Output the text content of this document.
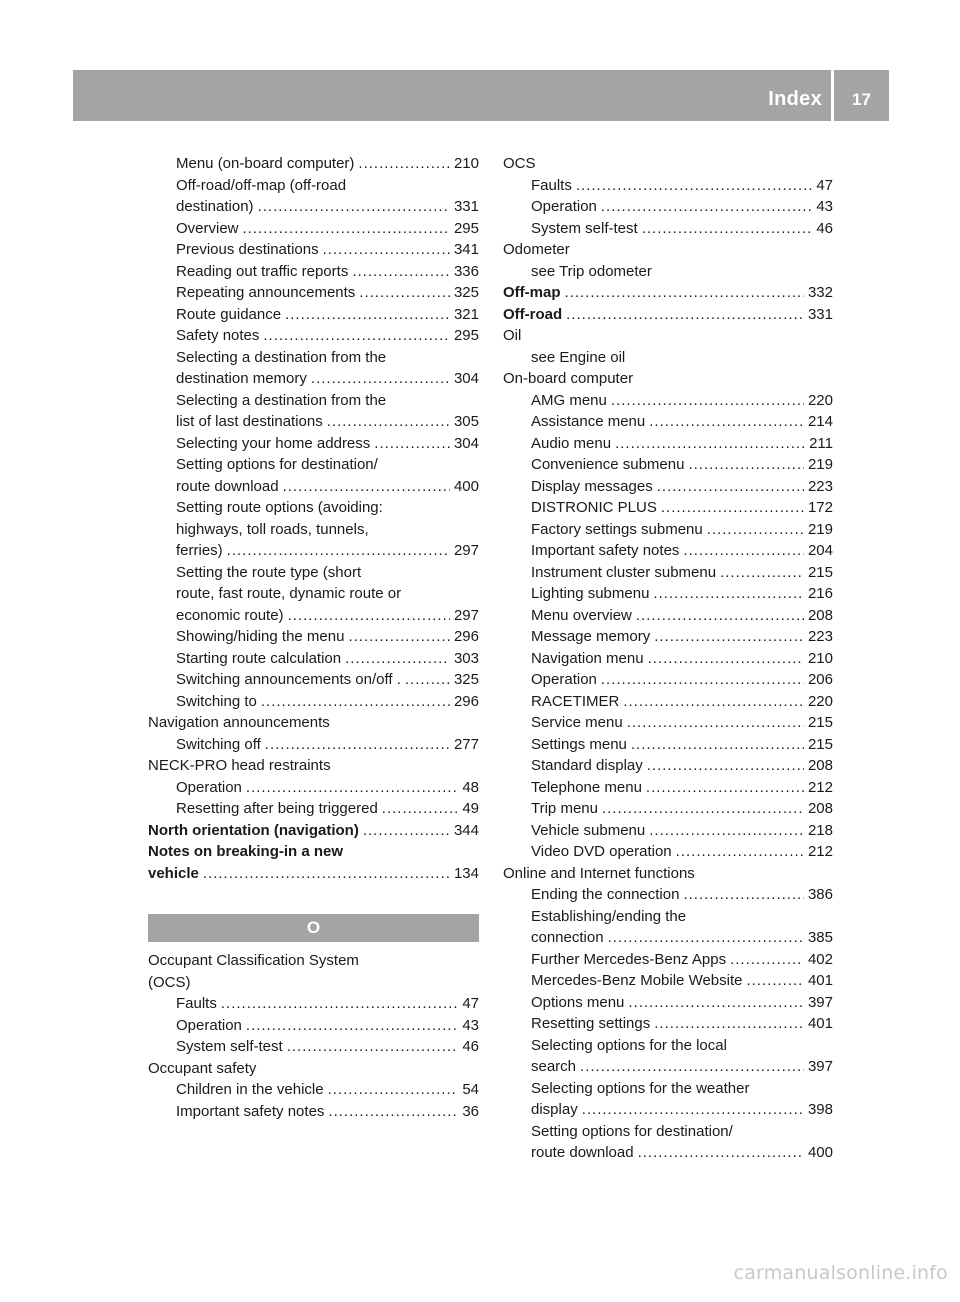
Index	17
Menu (on-board computer) .....	210
Off-road/off-map (off-road
destination) .....	331
Overview .....	295
Previous destinations .....	341
Reading out traffic reports .....	336
Repeating announcements .....	325
Route guidance .....	321
Safety notes .....	295
Selecting a destination from the
destination memory .....	304
Selecting a destination from the
list of last destinations .....	305
Selecting your home address .....	304
Setting options for destination/
route download .....	400
Setting route options (avoiding:
highways, toll roads, tunnels,
ferries) .....	297
Setting the route type (short
route, fast route, dynamic route or
economic route) .....	297
Showing/hiding the menu .....	296
Starting route calculation .....	303
Switching announcements on/off . .....	325
Switching to .....	296
Navigation announcements
Switching off .....	277
NECK-PRO head restraints
Operation .....	48
Resetting after being triggered .....	49
North orientation (navigation) .....	344
Notes on breaking-in a new
vehicle .....	134
O
Occupant Classification System
(OCS)
Faults .....	47
Operation .....	43
System self-test .....	46
Occupant safety
Children in the vehicle .....	54
Important safety notes .....	36
OCS
Faults .....	47
Operation .....	43
System self-test .....	46
Odometer
see Trip odometer
Off-map .....	332
Off-road .....	331
Oil
see Engine oil
On-board computer
AMG menu .....	220
Assistance menu .....	214
Audio menu .....	211
Convenience submenu .....	219
Display messages .....	223
DISTRONIC PLUS .....	172
Factory settings submenu .....	219
Important safety notes .....	204
Instrument cluster submenu .....	215
Lighting submenu .....	216
Menu overview .....	208
Message memory .....	223
Navigation menu .....	210
Operation .....	206
RACETIMER .....	220
Service menu .....	215
Settings menu .....	215
Standard display .....	208
Telephone menu .....	212
Trip menu .....	208
Vehicle submenu .....	218
Video DVD operation .....	212
Online and Internet functions
Ending the connection .....	386
Establishing/ending the
connection .....	385
Further Mercedes-Benz Apps .....	402
Mercedes-Benz Mobile Website .....	401
Options menu .....	397
Resetting settings .....	401
Selecting options for the local
search .....	397
Selecting options for the weather
display .....	398
Setting options for destination/
route download .....	400
carmanualsonline.info
